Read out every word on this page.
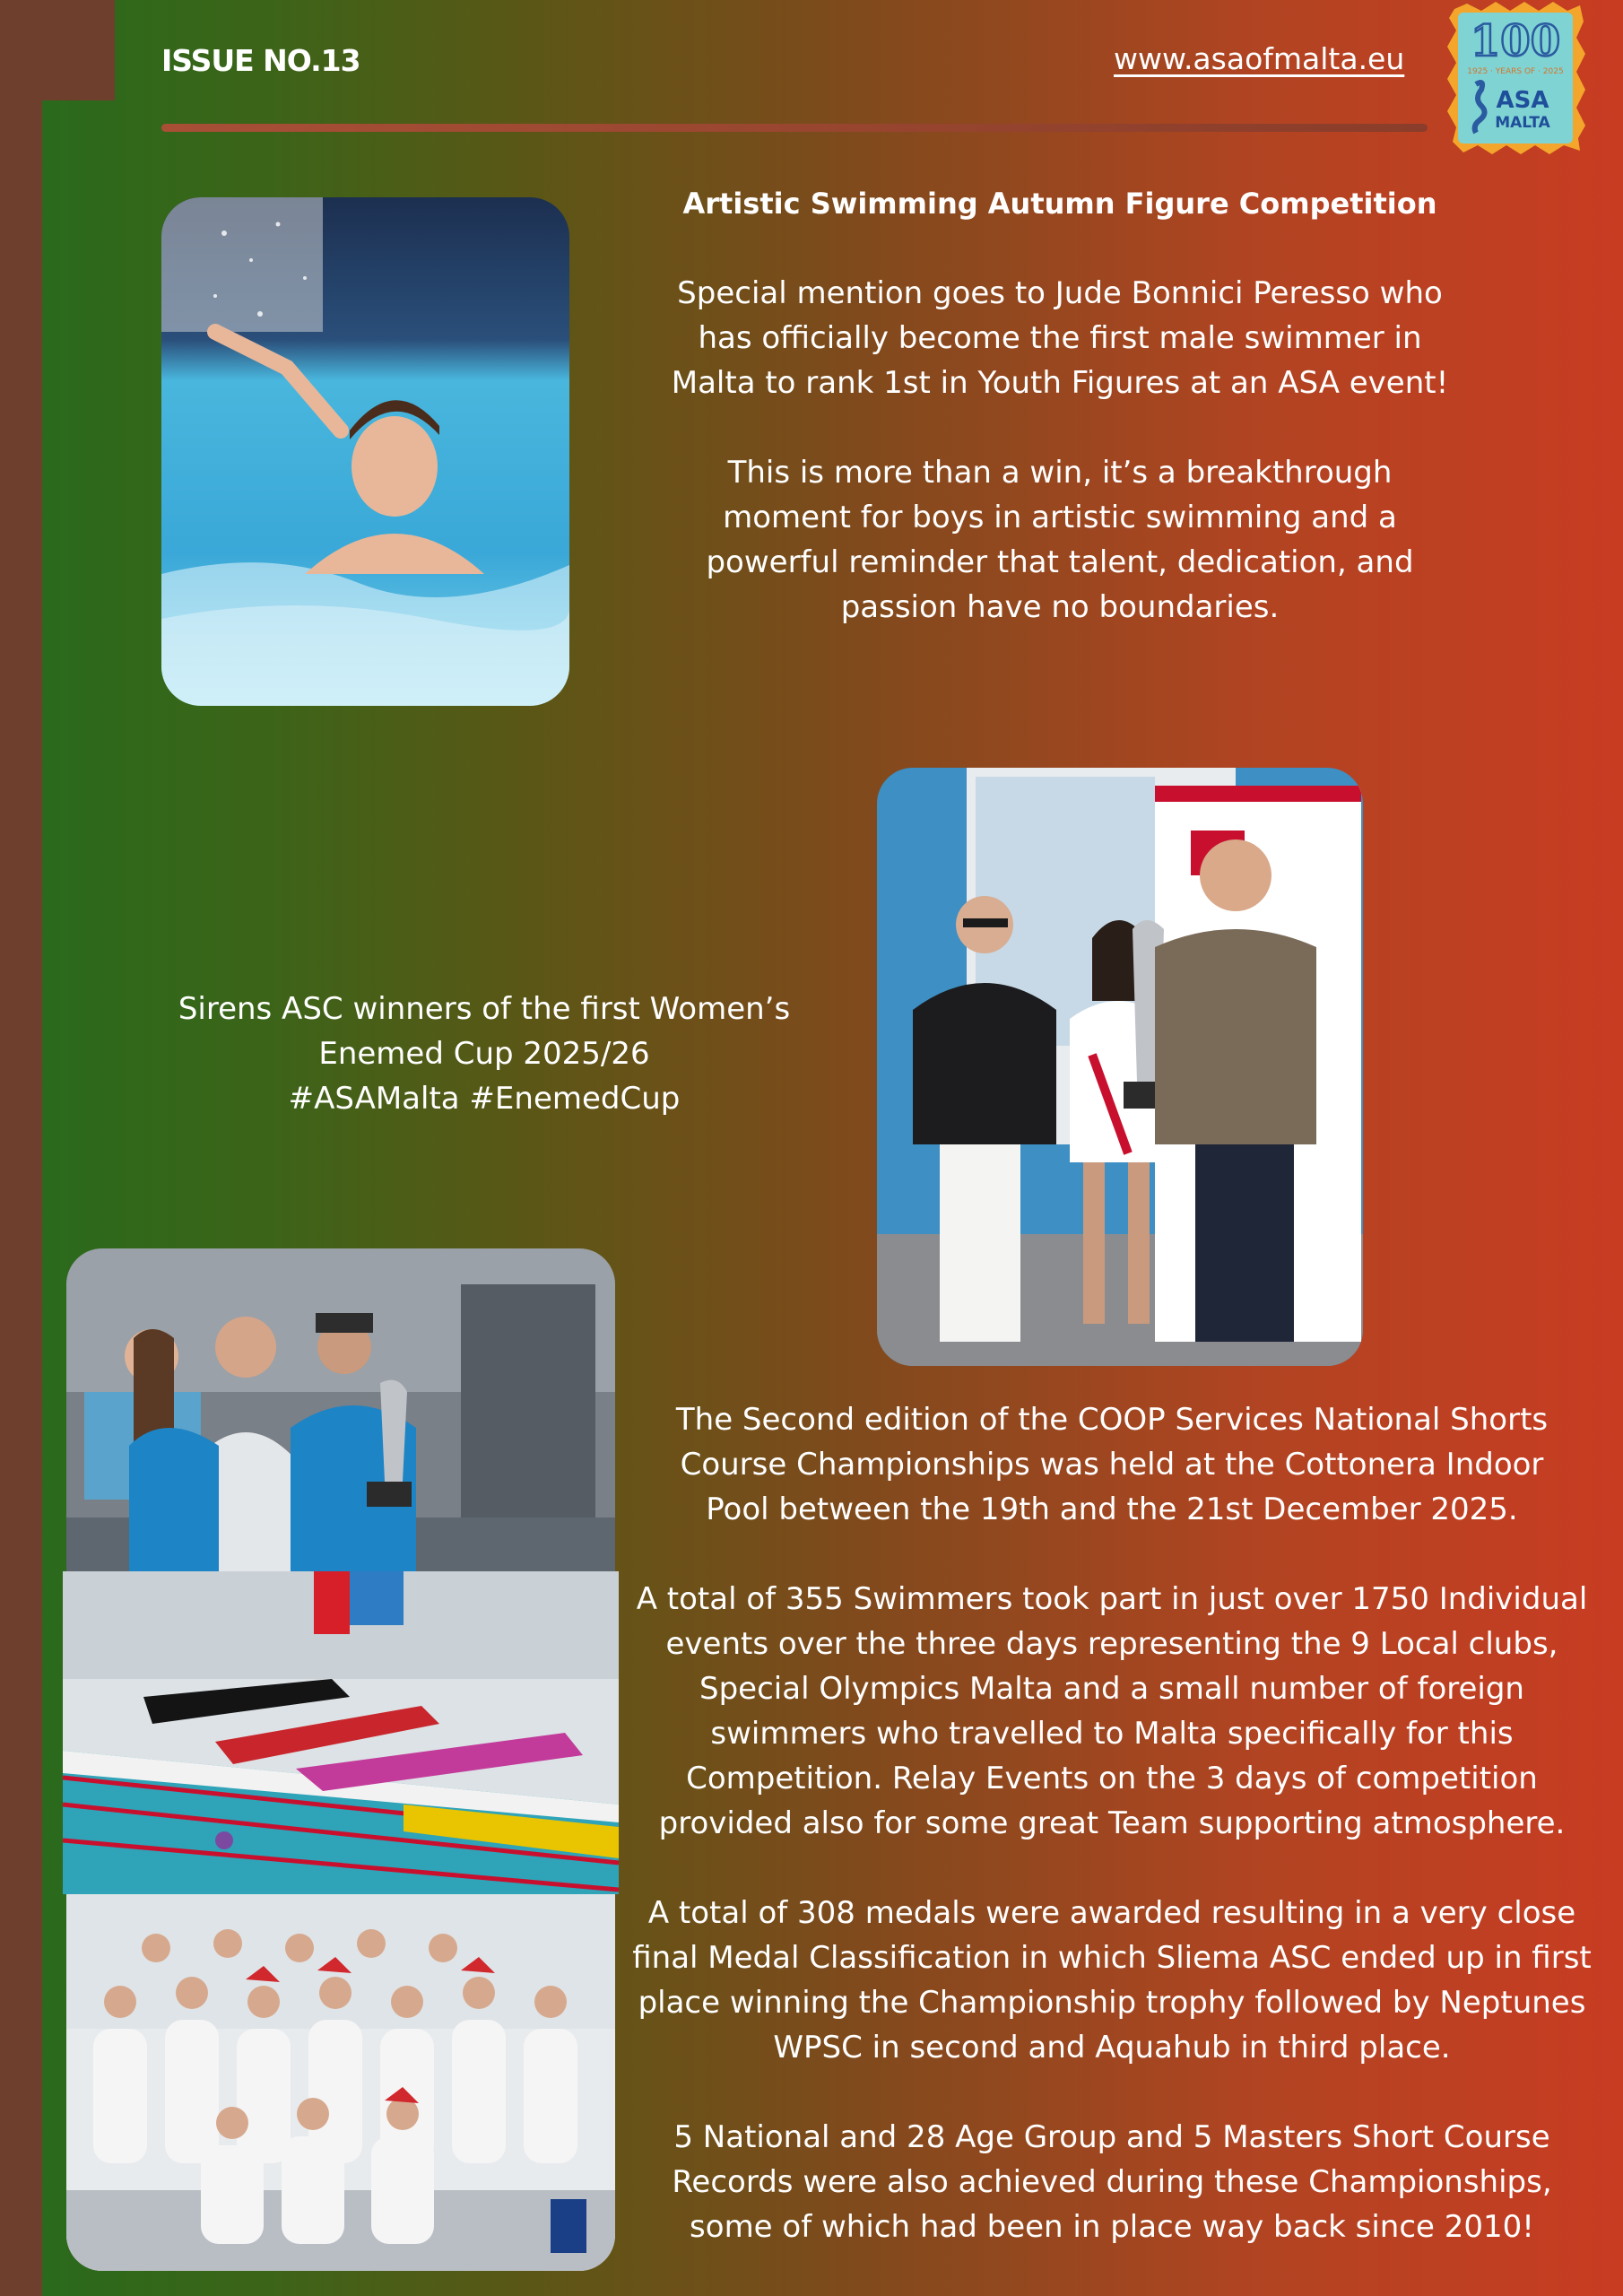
ISSUE NO.13	www.asaofmalta.eu 100
1925 · YEARS OF · 2025
ASA
MALTA

Artistic Swimming Autumn Figure Competition

Special mention goes to Jude Bonnici Peresso who has officially become the first male swimmer in Malta to rank 1st in Youth Figures at an ASA event!

This is more than a win, it’s a breakthrough moment for boys in artistic swimming and a powerful reminder that talent, dedication, and passion have no boundaries.

Sirens ASC winners of the first Women’s

Enemed Cup 2025/26

#ASAMalta #EnemedCup

The Second edition of the COOP Services National Shorts Course Championships was held at the Cottonera Indoor Pool between the 19th and the 21st December 2025.

A total of 355 Swimmers took part in just over 1750 Individual events over the three days representing the 9 Local clubs, Special Olympics Malta and a small number of foreign swimmers who travelled to Malta specifically for this Competition. Relay Events on the 3 days of competition provided also for some great Team supporting atmosphere.

A total of 308 medals were awarded resulting in a very close final Medal Classification in which Sliema ASC ended up in first place winning the Championship trophy followed by Neptunes WPSC in second and Aquahub in third place.

5 National and 28 Age Group and 5 Masters Short Course Records were also achieved during these Championships, some of which had been in place way back since 2010!
